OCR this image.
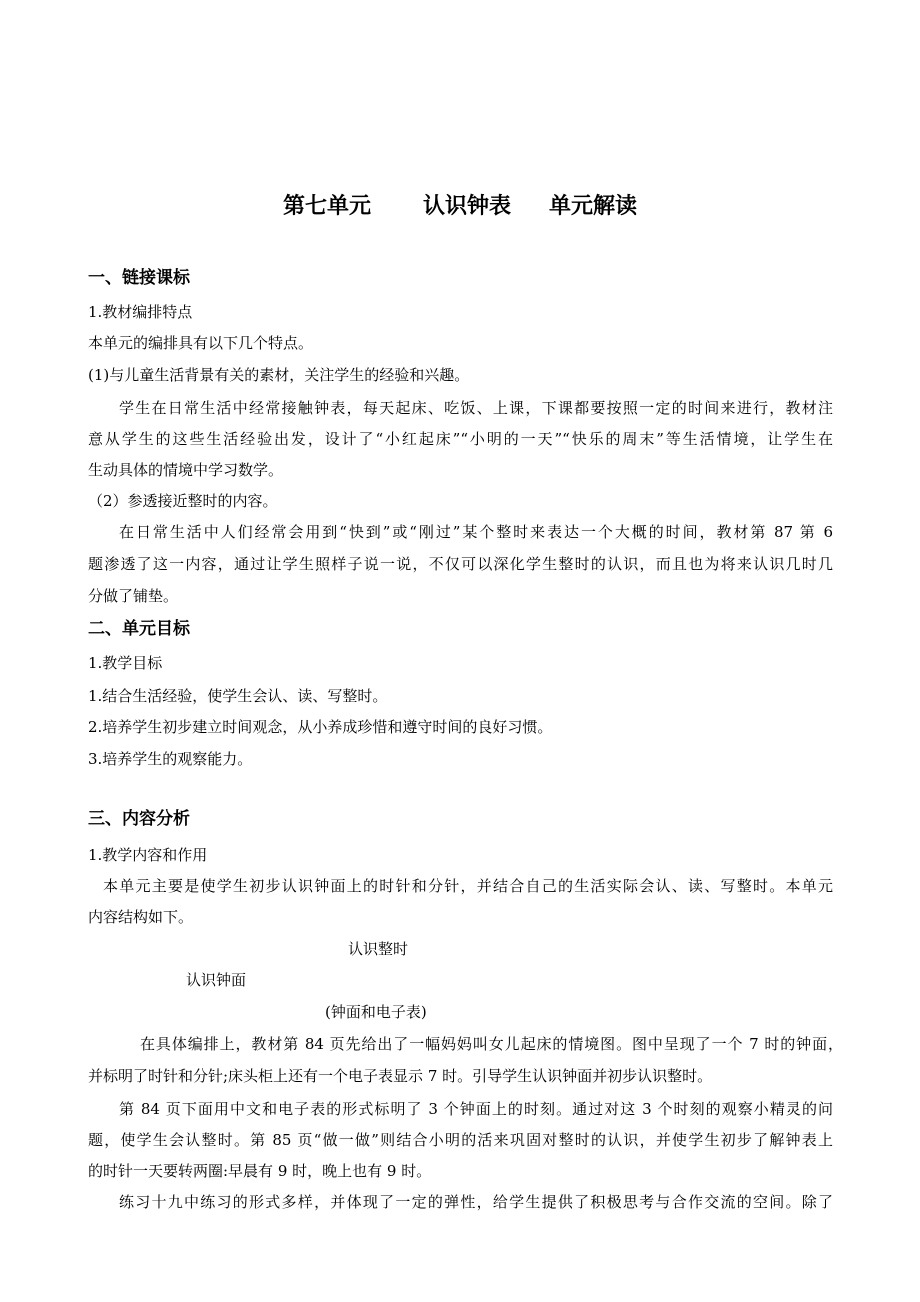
第七单元 认识钟表 单元解读
一、链接课标
1.教材编排特点
本单元的编排具有以下几个特点。
(1)与儿童生活背景有关的素材，关注学生的经验和兴趣。
学生在日常生活中经常接触钟表，每天起床、吃饭、上课，下课都要按照一定的时间来进行，教材注
意从学生的这些生活经验出发，设计了“小红起床”“小明的一天”“快乐的周末”等生活情境，让学生在
生动具体的情境中学习数学。
（2）参透接近整时的内容。
在日常生活中人们经常会用到“快到”或“刚过”某个整时来表达一个大概的时间，教材第 87 第 6
题渗透了这一内容，通过让学生照样子说一说，不仅可以深化学生整时的认识，而且也为将来认识几时几
分做了铺垫。
二、单元目标
1.教学目标
1.结合生活经验，使学生会认、读、写整时。
2.培养学生初步建立时间观念，从小养成珍惜和遵守时间的良好习惯。
3.培养学生的观察能力。
三、内容分析
1.教学内容和作用
本单元主要是使学生初步认识钟面上的时针和分针，并结合自己的生活实际会认、读、写整时。本单元
内容结构如下。
认识整时
认识钟面
(钟面和电子表)
在具体编排上，教材第 84 页先给出了一幅妈妈叫女儿起床的情境图。图中呈现了一个 7 时的钟面，
并标明了时针和分针;床头柜上还有一个电子表显示 7 时。引导学生认识钟面并初步认识整时。
第 84 页下面用中文和电子表的形式标明了 3 个钟面上的时刻。通过对这 3 个时刻的观察小精灵的问
题，使学生会认整时。第 85 页“做一做”则结合小明的活来巩固对整时的认识，并使学生初步了解钟表上
的时针一天要转两圈:早晨有 9 时，晚上也有 9 时。
练习十九中练习的形式多样，并体现了一定的弹性，给学生提供了积极思考与合作交流的空间。除了
